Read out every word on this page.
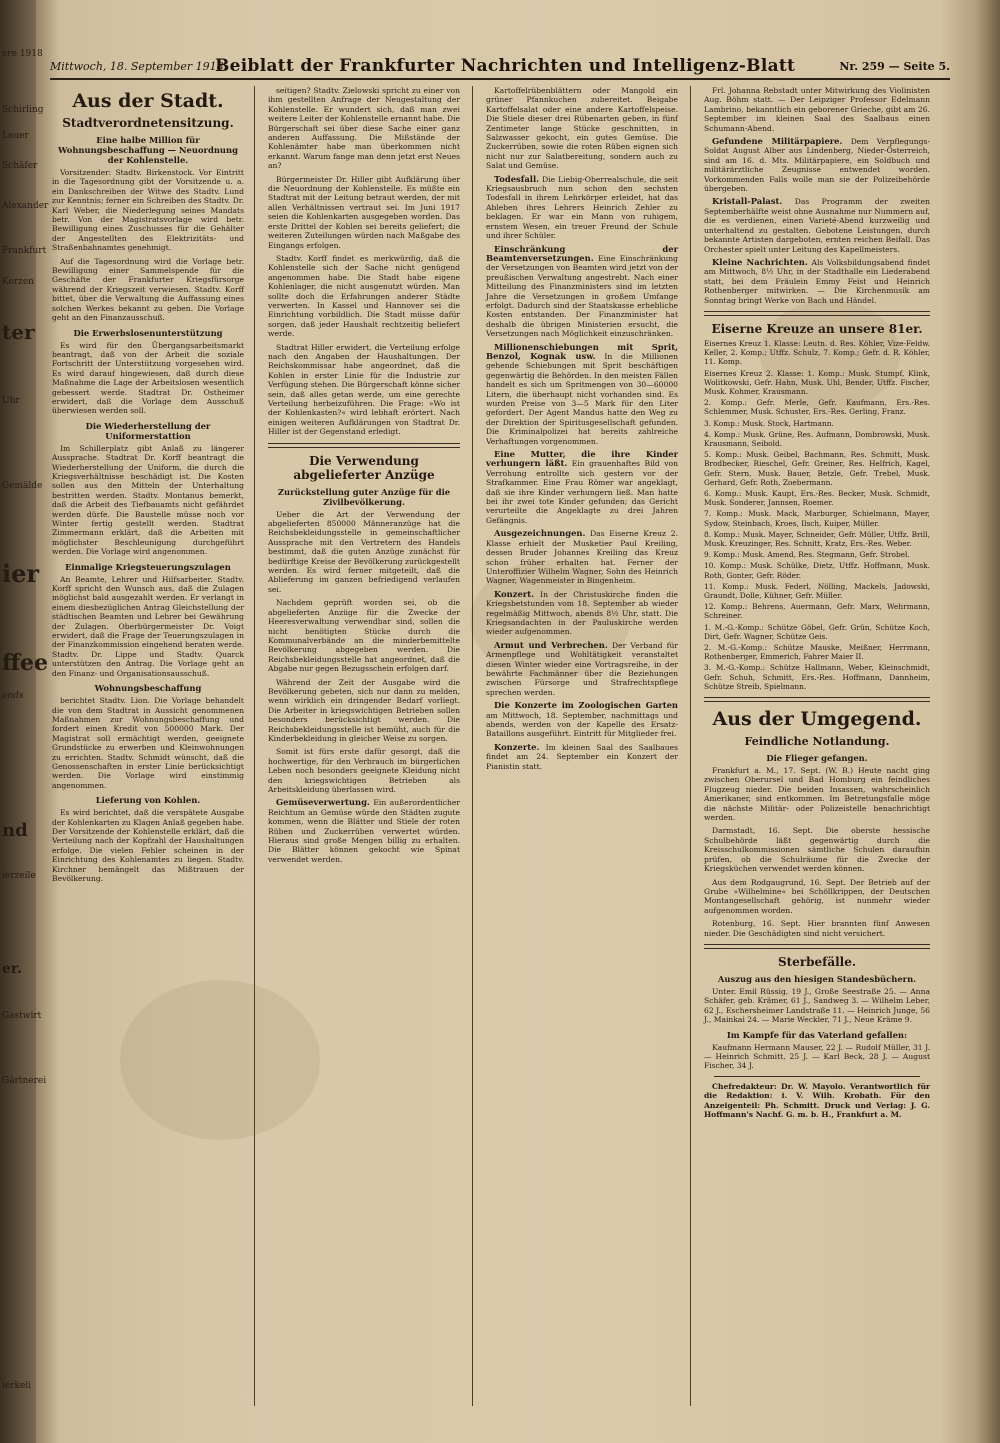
ere 1918
Schirling
Lauer
Schäfer
Alexander
Frankfurt
Kerzen
ter
Uhr
Gemälde
ier
ffee
ands
nd
ierzeile
er.
Gastwirt
Gärtnerei
ierkeli
Mittwoch, 18. September 1918.
Beiblatt der Frankfurter Nachrichten und Intelligenz-Blatt	Nr. 259 — Seite 5.
Aus der Stadt.
Stadtverordnetensitzung.
Eine halbe Million für Wohnungsbeschaffung — Neuordnung der Kohlenstelle.

Vorsitzender: Stadtv. Birkenstock. Vor Eintritt in die Tagesordnung gibt der Vorsitzende u. a. ein Dankschreiben der Witwe des Stadtv. Lund zur Kenntnis; ferner ein Schreiben des Stadtv. Dr. Karl Weber, die Niederlegung seines Mandats betr. Von der Magistratsvorlage wird betr. Bewilligung eines Zuschusses für die Gehälter der Angestellten des Elektrizitäts- und Straßenbahnamtes genehmigt.

Auf die Tagesordnung wird die Vorlage betr. Bewilligung einer Sammelspende für die Geschäfte der Frankfurter Kriegsfürsorge während der Kriegszeit verwiesen. Stadtv. Korff bittet, über die Verwaltung die Auffassung eines solchen Werkes bekannt zu geben. Die Vorlage geht an den Finanzausschuß.

Die Erwerbslosenunterstützung

Es wird für den Übergangsarbeitsmarkt beantragt, daß von der Arbeit die soziale Fortschritt der Unterstützung vorgesehen wird. Es wird darauf hingewiesen, daß durch diese Maßnahme die Lage der Arbeitslosen wesentlich gebessert werde. Stadtrat Dr. Ostheimer erwidert, daß die Vorlage dem Ausschuß überwiesen werden soll.

Die Wiederherstellung der Uniformerstattion

Im Schillerplatz gibt Anlaß zu längerer Aussprache. Stadtrat Dr. Korff beantragt die Wiederherstellung der Uniform, die durch die Kriegsverhältnisse beschädigt ist. Die Kosten sollen aus den Mitteln der Unterhaltung bestritten werden. Stadtv. Montanus bemerkt, daß die Arbeit des Tiefbauamts nicht gefährdet werden dürfe. Die Baustelle müsse noch vor Winter fertig gestellt werden. Stadtrat Zimmermann erklärt, daß die Arbeiten mit möglichster Beschleunigung durchgeführt werden. Die Vorlage wird angenommen.

Einmalige Kriegsteuerungszulagen

An Beamte, Lehrer und Hilfsarbeiter. Stadtv. Korff spricht den Wunsch aus, daß die Zulagen möglichst bald ausgezahlt werden. Er verlangt in einem diesbezüglichen Antrag Gleichstellung der städtischen Beamten und Lehrer bei Gewährung der Zulagen. Oberbürgermeister Dr. Voigt erwidert, daß die Frage der Teuerungszulagen in der Finanzkommission eingehend beraten werde. Stadtv. Dr. Lippe und Stadtv. Quarck unterstützen den Antrag. Die Vorlage geht an den Finanz- und Organisationsausschuß.

Wohnungsbeschaffung

berichtet Stadtv. Lion. Die Vorlage behandelt die von dem Stadtrat in Aussicht genommenen Maßnahmen zur Wohnungsbeschaffung und fordert einen Kredit von 500000 Mark. Der Magistrat soll ermächtigt werden, geeignete Grundstücke zu erwerben und Kleinwohnungen zu errichten. Stadtv. Schmidt wünscht, daß die Genossenschaften in erster Linie berücksichtigt werden. Die Vorlage wird einstimmig angenommen.

Lieferung von Kohlen.

Es wird berichtet, daß die verspätete Ausgabe der Kohlenkarten zu Klagen Anlaß gegeben habe. Der Vorsitzende der Kohlenstelle erklärt, daß die Verteilung nach der Kopfzahl der Haushaltungen erfolge. Die vielen Fehler scheinen in der Einrichtung des Kohlenamtes zu liegen. Stadtv. Kirchner bemängelt das Mißtrauen der Bevölkerung.

seitigen? Stadtv. Zielowski spricht zu einer von ihm gestellten Anfrage der Neugestaltung der Kohlenstelle. Er wundert sich, daß man zwei weitere Leiter der Kohlenstelle ernannt habe. Die Bürgerschaft sei über diese Sache einer ganz anderen Auffassung. Die Mißstände der Kohlenämter habe man überkommen nicht erkannt. Warum fange man denn jetzt erst Neues an?

Bürgermeister Dr. Hiller gibt Aufklärung über die Neuordnung der Kohlenstelle. Es müßte ein Stadtrat mit der Leitung betraut werden, der mit allen Verhältnissen vertraut sei. Im Juni 1917 seien die Kohlenkarten ausgegeben worden. Das erste Drittel der Kohlen sei bereits geliefert; die weiteren Zuteilungen würden nach Maßgabe des Eingangs erfolgen.

Stadtv. Korff findet es merkwürdig, daß die Kohlenstelle sich der Sache nicht genügend angenommen habe. Die Stadt habe eigene Kohlenlager, die nicht ausgenutzt würden. Man sollte doch die Erfahrungen anderer Städte verwerten. In Kassel und Hannover sei die Einrichtung vorbildlich. Die Stadt müsse dafür sorgen, daß jeder Haushalt rechtzeitig beliefert werde.

Stadtrat Hiller erwidert, die Verteilung erfolge nach den Angaben der Haushaltungen. Der Reichskommissar habe angeordnet, daß die Kohlen in erster Linie für die Industrie zur Verfügung stehen. Die Bürgerschaft könne sicher sein, daß alles getan werde, um eine gerechte Verteilung herbeizuführen. Die Frage: »Wo ist der Kohlenkasten?« wird lebhaft erörtert. Nach einigen weiteren Aufklärungen von Stadtrat Dr. Hiller ist der Gegenstand erledigt.

Die Verwendung abgelieferter Anzüge
Zurückstellung guter Anzüge für die Zivilbevölkerung.

Ueber die Art der Verwendung der abgelieferten 850000 Männeranzüge hat die Reichsbekleidungsstelle in gemeinschaftlicher Aussprache mit den Vertretern des Handels bestimmt, daß die guten Anzüge zunächst für bedürftige Kreise der Bevölkerung zurückgestellt werden. Es wird ferner mitgeteilt, daß die Ablieferung im ganzen befriedigend verlaufen sei.

Nachdem geprüft worden sei, ob die abgelieferten Anzüge für die Zwecke der Heeresverwaltung verwendbar sind, sollen die nicht benötigten Stücke durch die Kommunalverbände an die minderbemittelte Bevölkerung abgegeben werden. Die Reichsbekleidungsstelle hat angeordnet, daß die Abgabe nur gegen Bezugsschein erfolgen darf.

Während der Zeit der Ausgabe wird die Bevölkerung gebeten, sich nur dann zu melden, wenn wirklich ein dringender Bedarf vorliegt. Die Arbeiter in kriegswichtigen Betrieben sollen besonders berücksichtigt werden. Die Reichsbekleidungsstelle ist bemüht, auch für die Kinderbekleidung in gleicher Weise zu sorgen.

Somit ist fürs erste dafür gesorgt, daß die hochwertige, für den Verbrauch im bürgerlichen Leben noch besonders geeignete Kleidung nicht den kriegswichtigen Betrieben als Arbeitskleidung überlassen wird.

Gemüseverwertung. Ein außerordentlicher Reichtum an Gemüse würde den Städten zugute kommen, wenn die Blätter und Stiele der roten Rüben und Zuckerrüben verwertet würden. Hieraus sind große Mengen billig zu erhalten. Die Blätter können gekocht wie Spinat verwendet werden.

Kartoffelrübenblättern oder Mangold ein grüner Pfannkuchen zubereitet. Beigabe Kartoffelsalat oder eine andere Kartoffelspeise. Die Stiele dieser drei Rübenarten geben, in fünf Zentimeter lange Stücke geschnitten, in Salzwasser gekocht, ein gutes Gemüse. Die Zuckerrüben, sowie die roten Rüben eignen sich nicht nur zur Salatbereitung, sondern auch zu Salat und Gemüse.

Todesfall. Die Liebig-Oberrealschule, die seit Kriegsausbruch nun schon den sechsten Todesfall in ihrem Lehrkörper erleidet, hat das Ableben ihres Lehrers Heinrich Zehler zu beklagen. Er war ein Mann von ruhigem, ernstem Wesen, ein treuer Freund der Schule und ihrer Schüler.

Einschränkung der Beamtenversetzungen. Eine Einschränkung der Versetzungen von Beamten wird jetzt von der preußischen Verwaltung angestrebt. Nach einer Mitteilung des Finanzministers sind im letzten Jahre die Versetzungen in großem Umfange erfolgt. Dadurch sind der Staatskasse erhebliche Kosten entstanden. Der Finanzminister hat deshalb die übrigen Ministerien ersucht, die Versetzungen nach Möglichkeit einzuschränken.

Millionenschiebungen mit Sprit, Benzol, Kognak usw. In die Millionen gehende Schiebungen mit Sprit beschäftigen gegenwärtig die Behörden. In den meisten Fällen handelt es sich um Spritmengen von 30—60000 Litern, die überhaupt nicht vorhanden sind. Es wurden Preise von 3—5 Mark für den Liter gefordert. Der Agent Mandus hatte den Weg zu der Direktion der Spiritusgesellschaft gefunden. Die Kriminalpolizei hat bereits zahlreiche Verhaftungen vorgenommen.

Eine Mutter, die ihre Kinder verhungern läßt. Ein grauenhaftes Bild von Verrohung entrollte sich gestern vor der Strafkammer. Eine Frau Römer war angeklagt, daß sie ihre Kinder verhungern ließ. Man hatte bei ihr zwei tote Kinder gefunden; das Gericht verurteilte die Angeklagte zu drei Jahren Gefängnis.

Ausgezeichnungen. Das Eiserne Kreuz 2. Klasse erhielt der Musketier Paul Kreiling, dessen Bruder Johannes Kreiling das Kreuz schon früher erhalten hat. Ferner der Unteroffizier Wilhelm Wagner, Sohn des Heinrich Wagner, Wagenmeister in Bingenheim.

Konzert. In der Christuskirche finden die Kriegsbetstunden vom 18. September ab wieder regelmäßig Mittwoch, abends 8½ Uhr, statt. Die Kriegsandachten in der Pauluskirche werden wieder aufgenommen.

Armut und Verbrechen. Der Verband für Armenpflege und Wohltätigkeit veranstaltet diesen Winter wieder eine Vortragsreihe, in der bewährte Fachmänner über die Beziehungen zwischen Fürsorge und Strafrechtspflege sprechen werden.

Die Konzerte im Zoologischen Garten am Mittwoch, 18. September, nachmittags und abends, werden von der Kapelle des Ersatz-Bataillons ausgeführt. Eintritt für Mitglieder frei.

Konzerte. Im kleinen Saal des Saalbaues findet am 24. September ein Konzert der Pianistin statt.

Frl. Johanna Rebstadt unter Mitwirkung des Violinisten Aug. Böhm statt. — Der Leipziger Professor Edelmann Lambrino, bekanntlich ein geborener Grieche, gibt am 26. September im kleinen Saal des Saalbaus einen Schumann-Abend.

Gefundene Militärpapiere. Dem Verpflegungs-Soldat August Alber aus Lindenberg, Nieder-Österreich, sind am 16. d. Mts. Militärpapiere, ein Soldbuch und militärärztliche Zeugnisse entwendet worden. Vorkommenden Falls wolle man sie der Polizeibehörde übergeben.

Kristall-Palast. Das Programm der zweiten Septemberhälfte weist ohne Ausnahme nur Nummern auf, die es verdienen, einen Varieté-Abend kurzweilig und unterhaltend zu gestalten. Gebotene Leistungen, durch bekannte Artisten dargeboten, ernten reichen Beifall. Das Orchester spielt unter Leitung des Kapellmeisters.

Kleine Nachrichten. Als Volksbildungsabend findet am Mittwoch, 8½ Uhr, in der Stadthalle ein Liederabend statt, bei dem Fräulein Emmy Feist und Heinrich Rothenberger mitwirken. — Die Kirchenmusik am Sonntag bringt Werke von Bach und Händel.

Eiserne Kreuze an unsere 81er.
Eisernes Kreuz 1. Klasse: Leutn. d. Res. Köhler, Vize-Feldw. Keller, 2. Komp.; Utffz. Schulz, 7. Komp.; Gefr. d. R. Köhler, 11. Komp.
Eisernes Kreuz 2. Klasse: 1. Komp.: Musk. Stumpf, Klink, Wolitkowski, Gefr. Hahn, Musk. Uhl, Bender, Utffz. Fischer, Musk. Kohmer, Krausmann.
2. Komp.: Gefr. Merle, Gefr. Kaufmann, Ers.-Res. Schlemmer, Musk. Schuster, Ers.-Res. Gerling, Franz.
3. Komp.: Musk. Stock, Hartmann.
4. Komp.: Musk. Grüne, Res. Aufmann, Dombrowski, Musk. Krausmann, Seibold.
5. Komp.: Musk. Geibel, Bachmann, Res. Schmitt, Musk. Brodbecker, Rieschel, Gefr. Greiner, Res. Helfrich, Kagel, Gefr. Stern, Musk. Bauer, Betzle, Gefr. Trebel, Musk. Gerhard, Gefr. Roth, Zoebermann.
6. Komp.: Musk. Kaupt, Ers.-Res. Becker, Musk. Schmidt, Musk. Sonderer, Jannsen, Roemer.
7. Komp.: Musk. Mack, Marburger, Schielmann, Mayer, Sydow, Steinbach, Kroes, Ilsch, Kuiper, Müller.
8. Komp.: Musk. Mayer, Schneider, Gefr. Müller, Utffz. Brill, Musk. Kreuzinger, Res. Schnitt, Kratz, Ers.-Res. Weber.
9. Komp.: Musk. Amend, Res. Stegmann, Gefr. Strobel.
10. Komp.: Musk. Schülke, Dietz, Utffz. Hoffmann, Musk. Roth, Gonter, Gefr. Röder.
11. Komp.: Musk. Federl, Nölling, Mackels, Jadowski, Graundt, Dolle, Kühner, Gefr. Müller.
12. Komp.: Behrens, Auermann, Gefr. Marx, Wehrmann, Schreiner.
1. M.-G.-Komp.: Schütze Göbel, Gefr. Grün, Schütze Koch, Dirt, Gefr. Wagner, Schütze Geis.
2. M.-G.-Komp.: Schütze Mauske, Meißner, Herrmann, Rothenberger, Emmerich, Fahrer Maier II.
3. M.-G.-Komp.: Schütze Hallmann, Weber, Kleinschmidt, Gefr. Schuh, Schmitt, Ers.-Res. Hoffmann, Dannheim, Schütze Streib, Spielmann.
Aus der Umgegend.
Feindliche Notlandung.
Die Flieger gefangen.

Frankfurt a. M., 17. Sept. (W. B.) Heute nacht ging zwischen Oberursel und Bad Homburg ein feindliches Flugzeug nieder. Die beiden Insassen, wahrscheinlich Amerikaner, sind entkommen. Im Betretungsfalle möge die nächste Militär- oder Polizeistelle benachrichtigt werden.

Darmstadt, 16. Sept. Die oberste hessische Schulbehörde läßt gegenwärtig durch die Kreisschulkommissionen sämtliche Schulen daraufhin prüfen, ob die Schulräume für die Zwecke der Kriegsküchen verwendet werden können.

Aus dem Rodgaugrund, 16. Sept. Der Betrieb auf der Grube »Wilhelmine« bei Schöllkrippen, der Deutschen Montangesellschaft gehörig, ist nunmehr wieder aufgenommen worden.

Rotenburg, 16. Sept. Hier brannten fünf Anwesen nieder. Die Geschädigten sind nicht versichert.

Sterbefälle.
Auszug aus den hiesigen Standesbüchern.

Unter. Emil Rüssig, 19 J., Große Seestraße 25. — Anna Schäfer, geb. Krämer, 61 J., Sandweg 3. — Wilhelm Leber, 62 J., Eschersheimer Landstraße 11. — Heinrich Junge, 56 J., Mainkai 24. — Marie Weckler, 71 J., Neue Kräme 9.

Im Kampfe für das Vaterland gefallen:

Kaufmann Hermann Mauser, 22 J. — Rudolf Müller, 31 J. — Heinrich Schmitt, 25 J. — Karl Beck, 28 J. — August Fischer, 34 J.

Chefredakteur: Dr. W. Mayolo. Verantwortlich für die Redaktion: i. V. Wilh. Krobath. Für den Anzeigenteil: Ph. Schmitt. Druck und Verlag: J. G. Hoffmann's Nachf. G. m. b. H., Frankfurt a. M.
